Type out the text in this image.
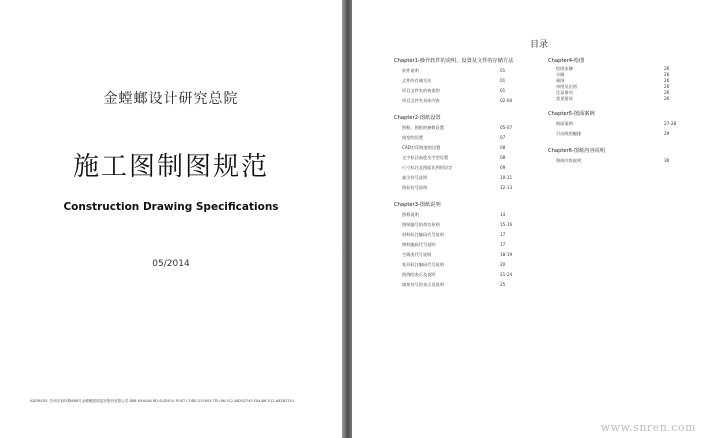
金螳螂设计研究总院
施工图制图规范
Construction Drawing Specifications
05/2014
ADDRESS: 苏州市西环路888号金螳螂建筑装饰股份有限公司 888 XIHUAN RD.SUZHOU POST CODE:215004 TEL:86-512-68282740 FAX:86-512-68282741
目录
Chapter1-操作软件的说明、设置及文件的存储方法
软件说明	01
文件的存储方法	01
项目文件夹的构架图	01
项目文件夹具体内容	02-04
Chapter2-图纸设置
图框，图衔的参数设置	05-07
线型的设置	07
CAD打印线宽的设置	08
文字标注高度及字型设置	08
尺寸标注及图面比例的设定	09
索引符号说明	10-11
图标符号说明	12-13
Chapter3-图纸说明
图框说明	14
图纸编号的命名原则	15-16
材料标注编码代号说明	17
物料编码代号说明	17
空调类代号说明	18-19
家具标注编码代号说明	20
图例的表示及说明	21-24
填充符号的表示及说明	25
Chapter4-绘图
绘图步骤	26
分解	26
画图	26
审图及出图	26
注意事项	26
常见错误	26
Chapter5-图面案例
图面案例	27-28
引出线的编排	29
Chapter6-图纸内容说明
图纸内容说明	30
www.snren.com
